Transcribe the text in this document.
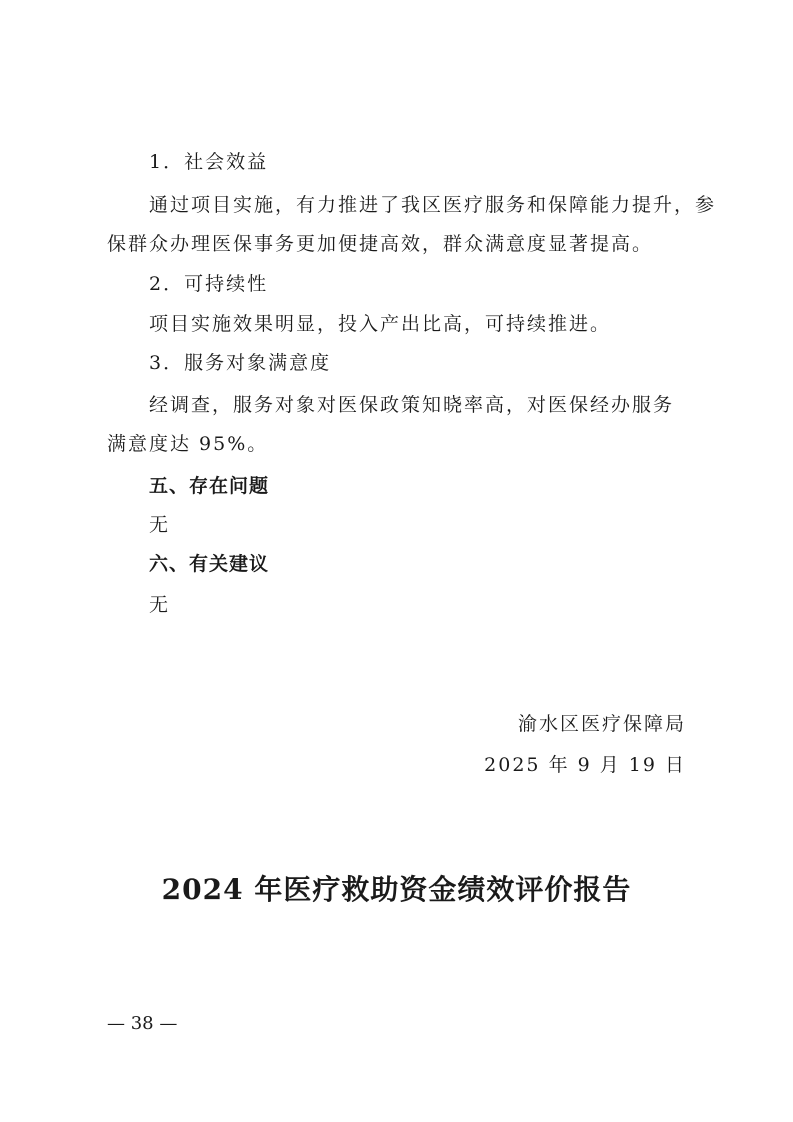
1．社会效益

通过项目实施，有力推进了我区医疗服务和保障能力提升，参

保群众办理医保事务更加便捷高效，群众满意度显著提高。

2．可持续性

项目实施效果明显，投入产出比高，可持续推进。

3．服务对象满意度

经调查，服务对象对医保政策知晓率高，对医保经办服务

满意度达 95%。

五、存在问题

无

六、有关建议

无

渝水区医疗保障局

2025 年 9 月 19 日

2024 年医疗救助资金绩效评价报告

— 38 —
